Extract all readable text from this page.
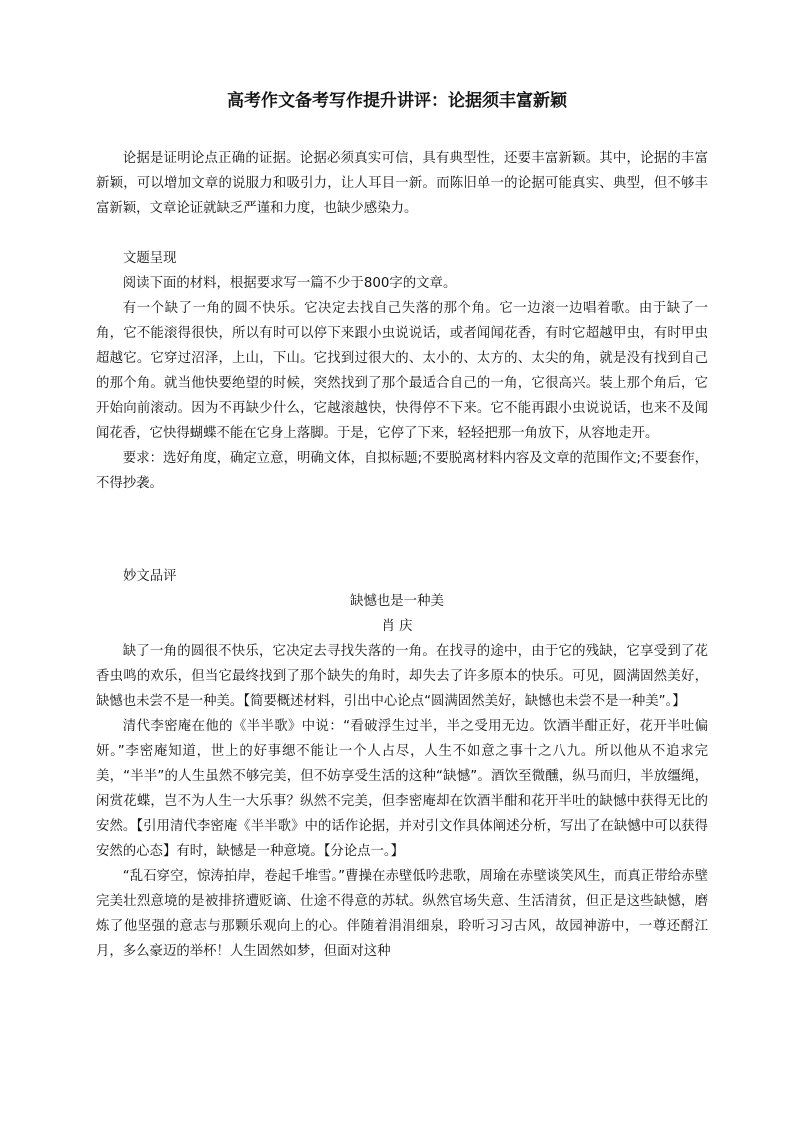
高考作文备考写作提升讲评：论据须丰富新颖

论据是证明论点正确的证据。论据必须真实可信，具有典型性，还要丰富新颖。其中，论据的丰富新颖，可以增加文章的说服力和吸引力，让人耳目一新。而陈旧单一的论据可能真实、典型，但不够丰富新颖，文章论证就缺乏严谨和力度，也缺少感染力。

文题呈现

阅读下面的材料，根据要求写一篇不少于800字的文章。

有一个缺了一角的圆不快乐。它决定去找自己失落的那个角。它一边滚一边唱着歌。由于缺了一角，它不能滚得很快，所以有时可以停下来跟小虫说说话，或者闻闻花香，有时它超越甲虫，有时甲虫超越它。它穿过沼泽，上山，下山。它找到过很大的、太小的、太方的、太尖的角，就是没有找到自己的那个角。就当他快要绝望的时候，突然找到了那个最适合自己的一角，它很高兴。装上那个角后，它开始向前滚动。因为不再缺少什么，它越滚越快，快得停不下来。它不能再跟小虫说说话，也来不及闻闻花香，它快得蝴蝶不能在它身上落脚。于是，它停了下来，轻轻把那一角放下，从容地走开。

要求：选好角度，确定立意，明确文体，自拟标题;不要脱离材料内容及文章的范围作文;不要套作，不得抄袭。

妙文品评
缺憾也是一种美
肖 庆

缺了一角的圆很不快乐，它决定去寻找失落的一角。在找寻的途中，由于它的残缺，它享受到了花香虫鸣的欢乐，但当它最终找到了那个缺失的角时，却失去了许多原本的快乐。可见，圆满固然美好，缺憾也未尝不是一种美。【简要概述材料，引出中心论点“圆满固然美好，缺憾也未尝不是一种美”。】

清代李密庵在他的《半半歌》中说：“看破浮生过半，半之受用无边。饮酒半酣正好，花开半吐偏妍。”李密庵知道，世上的好事缌不能让一个人占尽，人生不如意之事十之八九。所以他从不追求完美，“半半”的人生虽然不够完美，但不妨享受生活的这种“缺憾”。酒饮至微醺，纵马而归，半放缰绳，闲赏花蝶，岂不为人生一大乐事？纵然不完美，但李密庵却在饮酒半酣和花开半吐的缺憾中获得无比的安然。【引用清代李密庵《半半歌》中的话作论据，并对引文作具体阐述分析，写出了在缺憾中可以获得安然的心态】有时，缺憾是一种意境。【分论点一。】

“乱石穿空，惊涛拍岸，卷起千堆雪。”曹操在赤壁低吟悲歌，周瑜在赤壁谈笑风生，而真正带给赤壁完美壮烈意境的是被排挤遭贬谪、仕途不得意的苏轼。纵然官场失意、生活清贫，但正是这些缺憾，磨炼了他坚强的意志与那颗乐观向上的心。伴随着涓涓细泉，聆听习习古风，故园神游中，一尊还酹江月，多么豪迈的举杯！人生固然如梦，但面对这种
